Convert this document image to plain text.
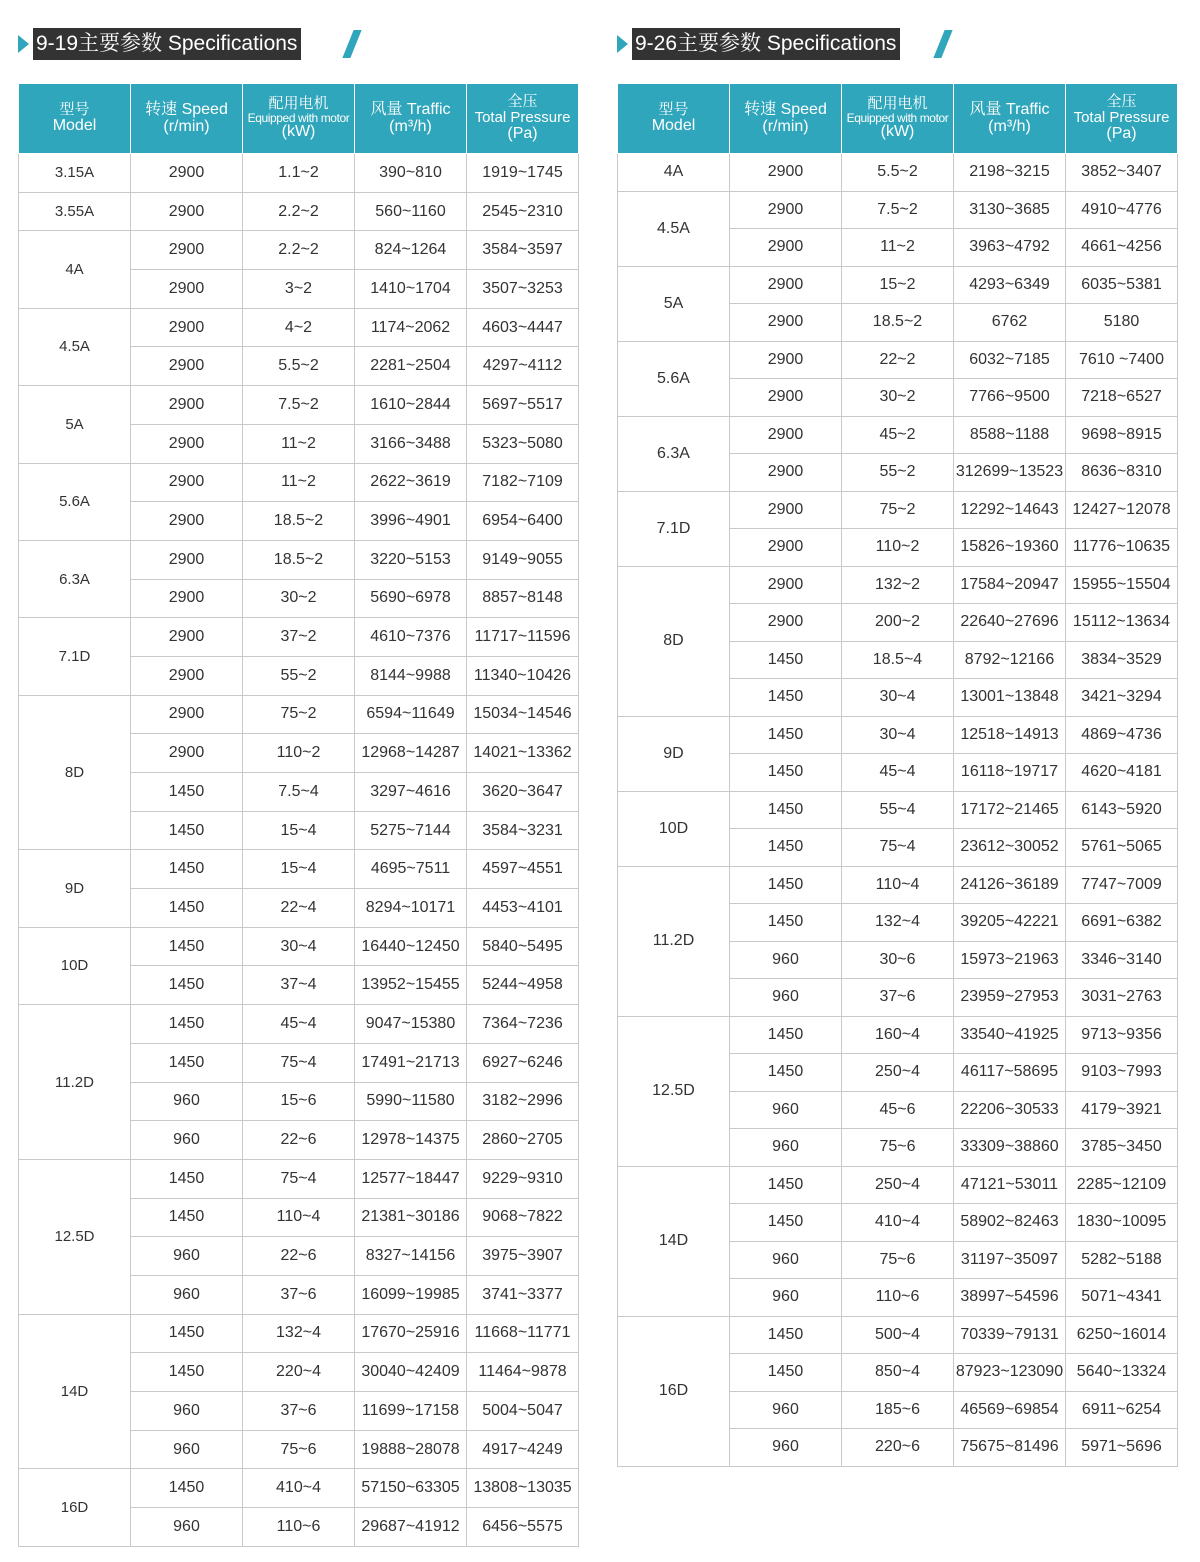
9-19主要参数 Specifications
型号
Model	转速 Speed
(r/min)	配用电机
Equipped with motor
(kW)	风量 Traffic
(m³/h)	全压
Total Pressure
(Pa)

3.15A	2900	1.1~2	390~810	1919~1745
3.55A	2900	2.2~2	560~1160	2545~2310
4A	2900	2.2~2	824~1264	3584~3597
	2900	3~2	1410~1704	3507~3253
4.5A	2900	4~2	1174~2062	4603~4447
	2900	5.5~2	2281~2504	4297~4112
5A	2900	7.5~2	1610~2844	5697~5517
	2900	11~2	3166~3488	5323~5080
5.6A	2900	11~2	2622~3619	7182~7109
	2900	18.5~2	3996~4901	6954~6400
6.3A	2900	18.5~2	3220~5153	9149~9055
	2900	30~2	5690~6978	8857~8148
7.1D	2900	37~2	4610~7376	11717~11596
	2900	55~2	8144~9988	11340~10426
8D	2900	75~2	6594~11649	15034~14546
	2900	110~2	12968~14287	14021~13362
	1450	7.5~4	3297~4616	3620~3647
	1450	15~4	5275~7144	3584~3231
9D	1450	15~4	4695~7511	4597~4551
	1450	22~4	8294~10171	4453~4101
10D	1450	30~4	16440~12450	5840~5495
	1450	37~4	13952~15455	5244~4958
11.2D	1450	45~4	9047~15380	7364~7236
	1450	75~4	17491~21713	6927~6246
	960	15~6	5990~11580	3182~2996
	960	22~6	12978~14375	2860~2705
12.5D	1450	75~4	12577~18447	9229~9310
	1450	110~4	21381~30186	9068~7822
	960	22~6	8327~14156	3975~3907
	960	37~6	16099~19985	3741~3377
14D	1450	132~4	17670~25916	11668~11771
	1450	220~4	30040~42409	11464~9878
	960	37~6	11699~17158	5004~5047
	960	75~6	19888~28078	4917~4249
16D	1450	410~4	57150~63305	13808~13035
	960	110~6	29687~41912	6456~5575
9-26主要参数 Specifications
型号
Model	转速 Speed
(r/min)	配用电机
Equipped with motor
(kW)	风量 Traffic
(m³/h)	全压
Total Pressure
(Pa)

4A	2900	5.5~2	2198~3215	3852~3407
4.5A	2900	7.5~2	3130~3685	4910~4776
	2900	11~2	3963~4792	4661~4256
5A	2900	15~2	4293~6349	6035~5381
	2900	18.5~2	6762	5180
5.6A	2900	22~2	6032~7185	7610 ~7400
	2900	30~2	7766~9500	7218~6527
6.3A	2900	45~2	8588~1188	9698~8915
	2900	55~2	312699~13523	8636~8310
7.1D	2900	75~2	12292~14643	12427~12078
	2900	110~2	15826~19360	11776~10635
8D	2900	132~2	17584~20947	15955~15504
	2900	200~2	22640~27696	15112~13634
	1450	18.5~4	8792~12166	3834~3529
	1450	30~4	13001~13848	3421~3294
9D	1450	30~4	12518~14913	4869~4736
	1450	45~4	16118~19717	4620~4181
10D	1450	55~4	17172~21465	6143~5920
	1450	75~4	23612~30052	5761~5065
11.2D	1450	110~4	24126~36189	7747~7009
	1450	132~4	39205~42221	6691~6382
	960	30~6	15973~21963	3346~3140
	960	37~6	23959~27953	3031~2763
12.5D	1450	160~4	33540~41925	9713~9356
	1450	250~4	46117~58695	9103~7993
	960	45~6	22206~30533	4179~3921
	960	75~6	33309~38860	3785~3450
14D	1450	250~4	47121~53011	2285~12109
	1450	410~4	58902~82463	1830~10095
	960	75~6	31197~35097	5282~5188
	960	110~6	38997~54596	5071~4341
16D	1450	500~4	70339~79131	6250~16014
	1450	850~4	87923~123090	5640~13324
	960	185~6	46569~69854	6911~6254
	960	220~6	75675~81496	5971~5696
